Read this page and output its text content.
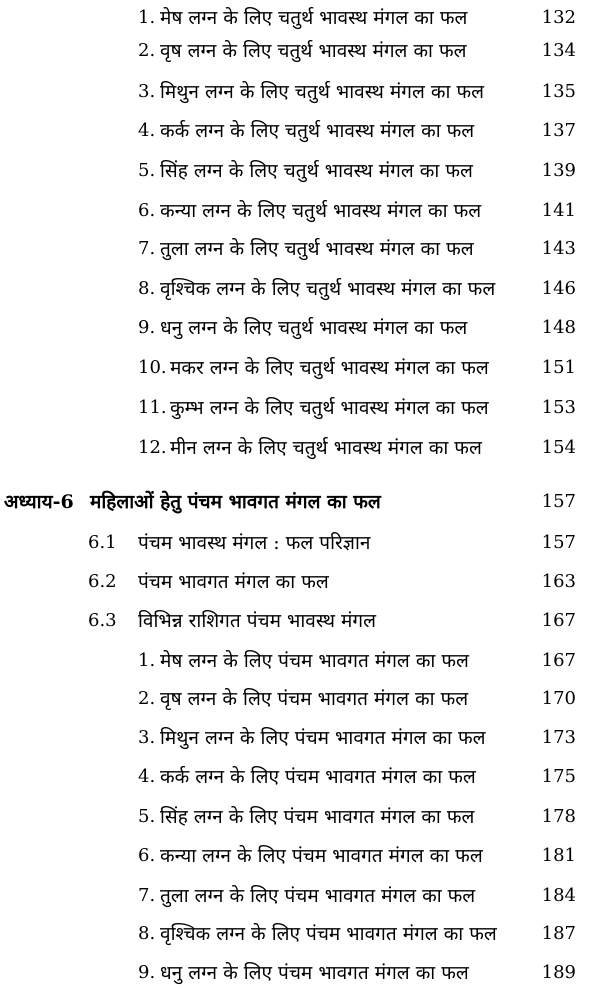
1. मेष लग्न के लिए चतुर्थ भावस्थ मंगल का फल	132
2. वृष लग्न के लिए चतुर्थ भावस्थ मंगल का फल	134
3. मिथुन लग्न के लिए चतुर्थ भावस्थ मंगल का फल	135
4. कर्क लग्न के लिए चतुर्थ भावस्थ मंगल का फल	137
5. सिंह लग्न के लिए चतुर्थ भावस्थ मंगल का फल	139
6. कन्या लग्न के लिए चतुर्थ भावस्थ मंगल का फल	141
7. तुला लग्न के लिए चतुर्थ भावस्थ मंगल का फल	143
8. वृश्चिक लग्न के लिए चतुर्थ भावस्थ मंगल का फल	146
9. धनु लग्न के लिए चतुर्थ भावस्थ मंगल का फल	148
10. मकर लग्न के लिए चतुर्थ भावस्थ मंगल का फल	151
11. कुम्भ लग्न के लिए चतुर्थ भावस्थ मंगल का फल	153
12. मीन लग्न के लिए चतुर्थ भावस्थ मंगल का फल	154
अध्याय-6 महिलाओं हेतु पंचम भावगत मंगल का फल	157
6.1 पंचम भावस्थ मंगल : फल परिज्ञान	157
6.2 पंचम भावगत मंगल का फल	163
6.3 विभिन्न राशिगत पंचम भावस्थ मंगल	167
1. मेष लग्न के लिए पंचम भावगत मंगल का फल	167
2. वृष लग्न के लिए पंचम भावगत मंगल का फल	170
3. मिथुन लग्न के लिए पंचम भावगत मंगल का फल	173
4. कर्क लग्न के लिए पंचम भावगत मंगल का फल	175
5. सिंह लग्न के लिए पंचम भावगत मंगल का फल	178
6. कन्या लग्न के लिए पंचम भावगत मंगल का फल	181
7. तुला लग्न के लिए पंचम भावगत मंगल का फल	184
8. वृश्चिक लग्न के लिए पंचम भावगत मंगल का फल 187
9. धनु लग्न के लिए पंचम भावगत मंगल का फल	189
